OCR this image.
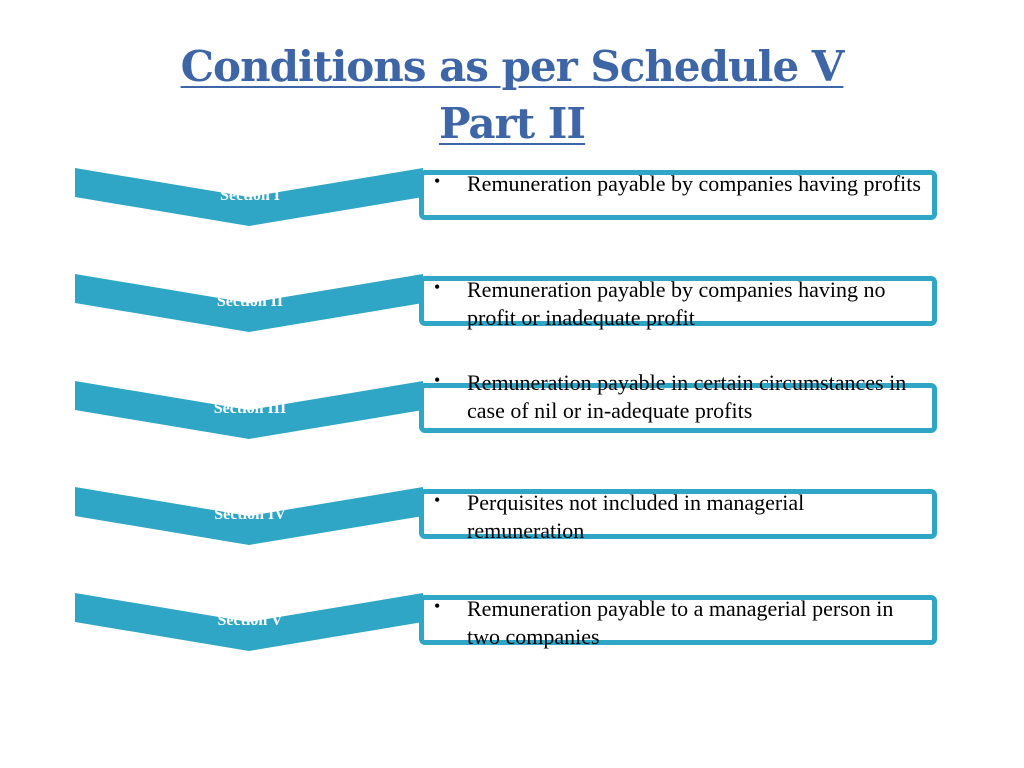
Conditions as per Schedule V
Part II
Section I
•	Remuneration payable by companies having profits
Section II
•	Remuneration payable by companies having no profit or inadequate profit
Section III
•	Remuneration payable in certain circumstances in case of nil or in-adequate profits
Section IV
•	Perquisites not included in managerial remuneration
Section V
•	Remuneration payable to a managerial person in two companies
